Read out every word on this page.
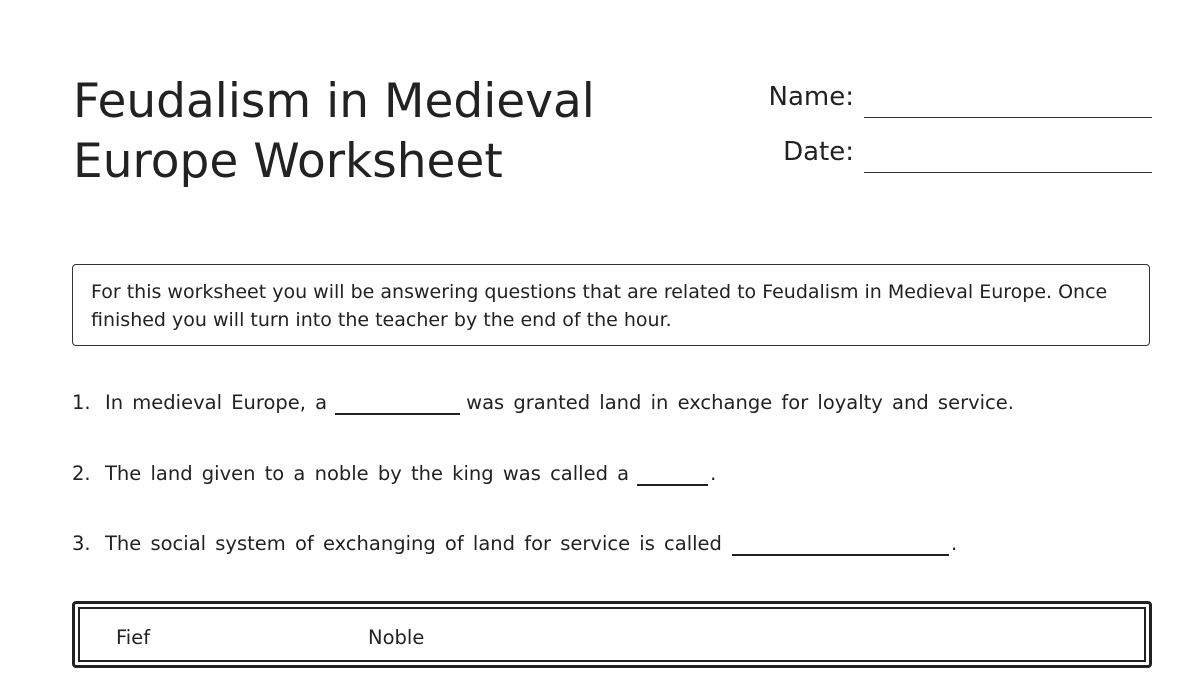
Feudalism in Medieval
Europe Worksheet
Name:
Date:
For this worksheet you will be answering questions that are related to Feudalism in Medieval Europe. Once finished you will turn into the teacher by the end of the hour.
1. In medieval Europe, a	was granted land in exchange for loyalty and service.
2. The land given to a noble by the king was called a	.
3. The social system of exchanging of land for service is called	.
Fief	Noble
